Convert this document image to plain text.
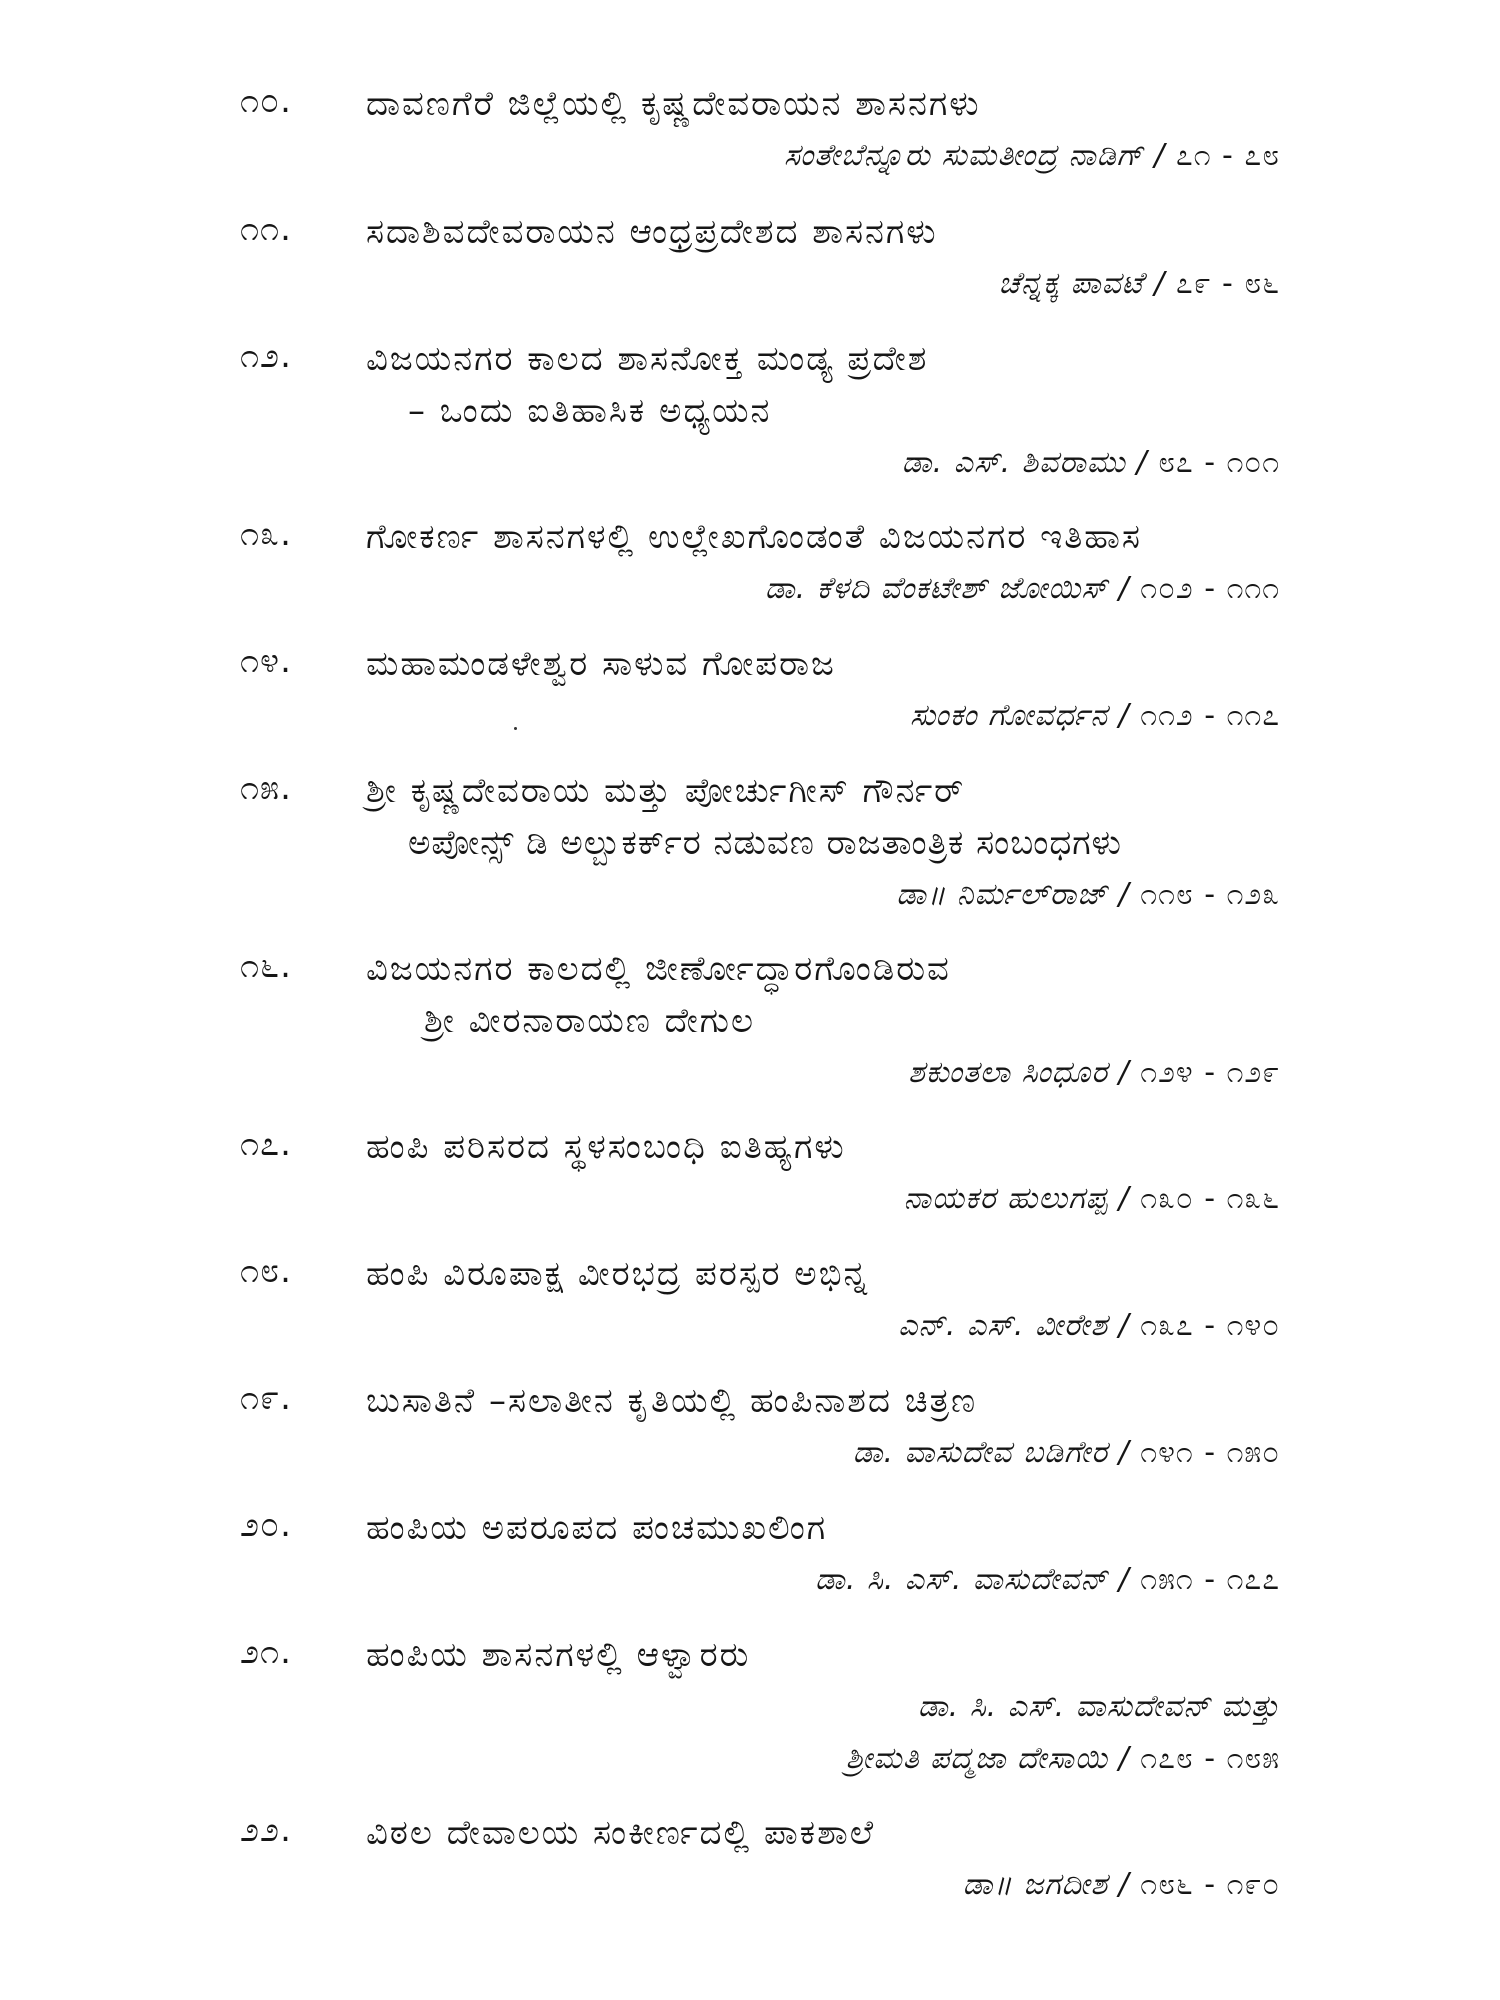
೧೦.	ದಾವಣಗೆರೆ ಜಿಲ್ಲೆಯಲ್ಲಿ ಕೃಷ್ಣದೇವರಾಯನ ಶಾಸನಗಳು
ಸಂತೇಬೆನ್ನೂರು ಸುಮತೀಂದ್ರ ನಾಡಿಗ್ / ೭೧ - ೭೮
೧೧.	ಸದಾಶಿವದೇವರಾಯನ ಆಂಧ್ರಪ್ರದೇಶದ ಶಾಸನಗಳು
ಚೆನ್ನಕ್ಕ ಪಾವಟೆ / ೭೯ - ೮೬
೧೨.	ವಿಜಯನಗರ ಕಾಲದ ಶಾಸನೋಕ್ತ ಮಂಡ್ಯ ಪ್ರದೇಶ
– ಒಂದು ಐತಿಹಾಸಿಕ ಅಧ್ಯಯನ
ಡಾ. ಎಸ್. ಶಿವರಾಮು / ೮೭ - ೧೦೧
೧೩.	ಗೋಕರ್ಣ ಶಾಸನಗಳಲ್ಲಿ ಉಲ್ಲೇಖಗೊಂಡಂತೆ ವಿಜಯನಗರ ಇತಿಹಾಸ
ಡಾ. ಕೆಳದಿ ವೆಂಕಟೇಶ್ ಜೋಯಿಸ್ / ೧೦೨ - ೧೧೧
೧೪.	ಮಹಾಮಂಡಳೇಶ್ವರ ಸಾಳುವ ಗೋಪರಾಜ
ಸುಂಕಂ ಗೋವರ್ಧನ / ೧೧೨ - ೧೧೭
೧೫.	ಶ್ರೀ ಕೃಷ್ಣದೇವರಾಯ ಮತ್ತು ಪೋರ್ಚುಗೀಸ್ ಗೌರ್ನರ್
ಅಪೋನ್ಸ್ ಡಿ ಅಲ್ಬುಕರ್ಕ್‌ರ ನಡುವಣ ರಾಜತಾಂತ್ರಿಕ ಸಂಬಂಧಗಳು
ಡಾ॥ ನಿರ್ಮಲ್‌ರಾಜ್ / ೧೧೮ - ೧೨೩
೧೬.	ವಿಜಯನಗರ ಕಾಲದಲ್ಲಿ ಜೀರ್ಣೋದ್ಧಾರಗೊಂಡಿರುವ
ಶ್ರೀ ವೀರನಾರಾಯಣ ದೇಗುಲ
ಶಕುಂತಲಾ ಸಿಂಧೂರ / ೧೨೪ - ೧೨೯
೧೭.	ಹಂಪಿ ಪರಿಸರದ ಸ್ಥಳಸಂಬಂಧಿ ಐತಿಹ್ಯಗಳು
ನಾಯಕರ ಹುಲುಗಪ್ಪ / ೧೩೦ - ೧೩೬
೧೮.	ಹಂಪಿ ವಿರೂಪಾಕ್ಷ ವೀರಭದ್ರ ಪರಸ್ಪರ ಅಭಿನ್ನ
ಎನ್. ಎಸ್. ವೀರೇಶ / ೧೩೭ - ೧೪೦
೧೯.	ಬುಸಾತಿನೆ –ಸಲಾತೀನ ಕೃತಿಯಲ್ಲಿ ಹಂಪಿನಾಶದ ಚಿತ್ರಣ
ಡಾ. ವಾಸುದೇವ ಬಡಿಗೇರ / ೧೪೧ - ೧೫೦
೨೦.	ಹಂಪಿಯ ಅಪರೂಪದ ಪಂಚಮುಖಲಿಂಗ
ಡಾ. ಸಿ. ಎಸ್. ವಾಸುದೇವನ್ / ೧೫೧ - ೧೭೭
೨೧.	ಹಂಪಿಯ ಶಾಸನಗಳಲ್ಲಿ ಆಳ್ವಾರರು
ಡಾ. ಸಿ. ಎಸ್. ವಾಸುದೇವನ್ ಮತ್ತು
ಶ್ರೀಮತಿ ಪದ್ಮಜಾ ದೇಸಾಯಿ / ೧೭೮ - ೧೮೫
೨೨.	ವಿಠಲ ದೇವಾಲಯ ಸಂಕೀರ್ಣದಲ್ಲಿ ಪಾಕಶಾಲೆ
ಡಾ॥ ಜಗದೀಶ / ೧೮೬ - ೧೯೦
